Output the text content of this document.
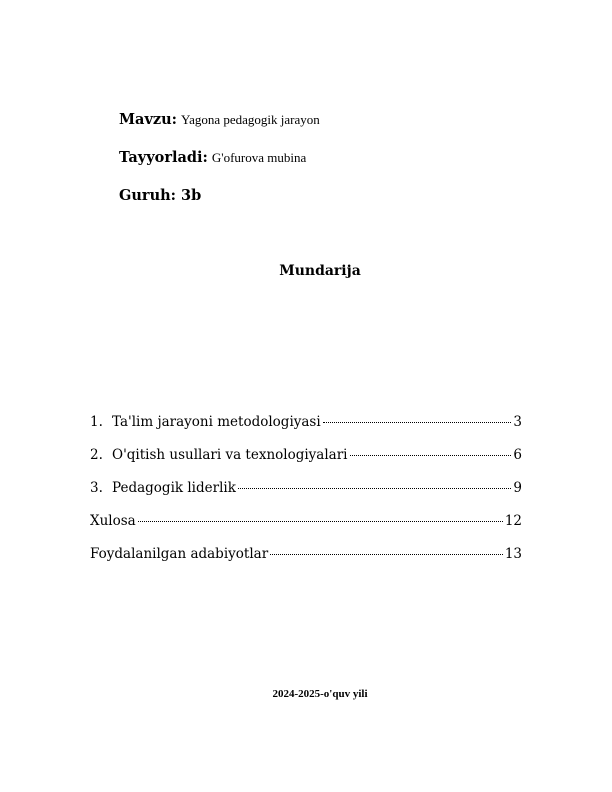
Mavzu: Yagona pedagogik jarayon
Tayyorladi: G'ofurova mubina
Guruh: 3b
Mundarija
1. Ta'lim jarayoni metodologiyasi	3
2. O'qitish usullari va texnologiyalari	6
3. Pedagogik liderlik	9
Xulosa	12
Foydalanilgan adabiyotlar	13
2024-2025-o'quv yili
